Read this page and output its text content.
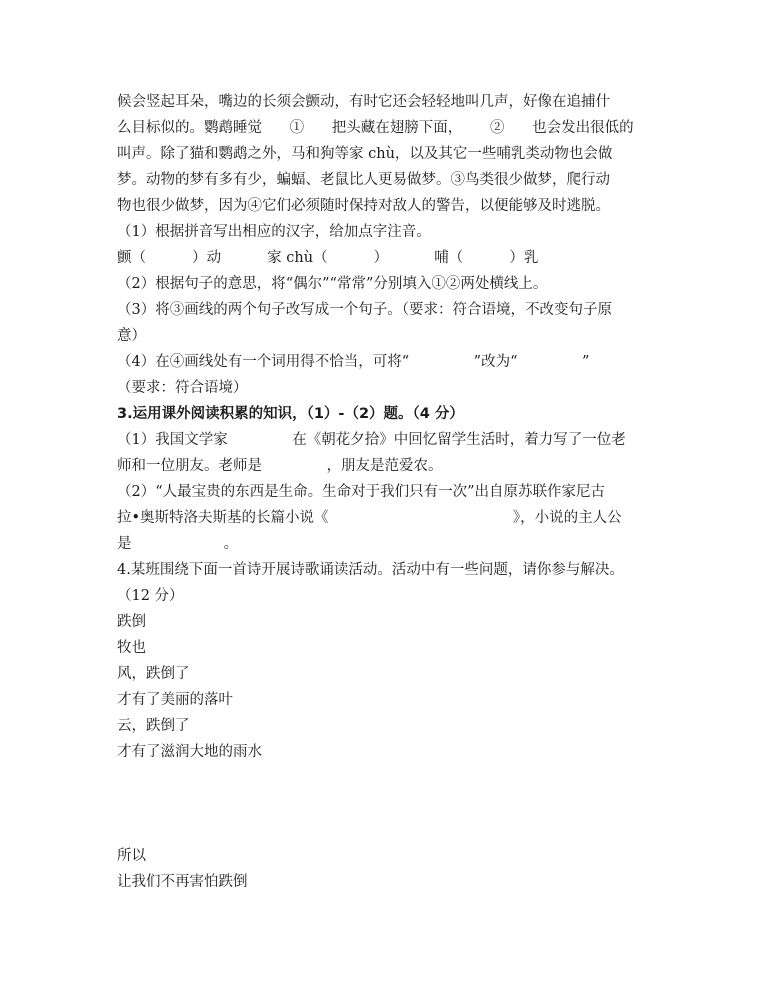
候会竖起耳朵，嘴边的长须会颤动，有时它还会轻轻地叫几声，好像在追捕什
么目标似的。鹦鹉睡觉      ①      把头藏在翅膀下面，      ②      也会发出很低的
叫声。除了猫和鹦鹉之外，马和狗等家 chù，以及其它一些哺乳类动物也会做
梦。动物的梦有多有少，蝙蝠、老鼠比人更易做梦。③鸟类很少做梦，爬行动
物也很少做梦，因为④它们必须随时保持对敌人的警告，以便能够及时逃脱。
（1）根据拼音写出相应的汉字，给加点字注音。
颤（          ）动          家 chù（          ）          哺（          ）乳
（2）根据句子的意思，将“偶尔”“常常”分别填入①②两处横线上。
（3）将③画线的两个句子改写成一个句子。（要求：符合语境，不改变句子原
意）
（4）在④画线处有一个词用得不恰当，可将“              ”改为“              ”
（要求：符合语境）
3.运用课外阅读积累的知识，（1）-（2）题。（4 分）
（1）我国文学家              在《朝花夕拾》中回忆留学生活时，着力写了一位老
师和一位朋友。老师是              ，朋友是范爱农。
（2）“人最宝贵的东西是生命。生命对于我们只有一次”出自原苏联作家尼古
拉•奥斯特洛夫斯基的长篇小说《                                        》，小说的主人公
是                    。
4.某班围绕下面一首诗开展诗歌诵读活动。活动中有一些问题，请你参与解决。
（12 分）
跌倒
牧也
风，跌倒了
才有了美丽的落叶
云，跌倒了
才有了滋润大地的雨水
所以
让我们不再害怕跌倒
